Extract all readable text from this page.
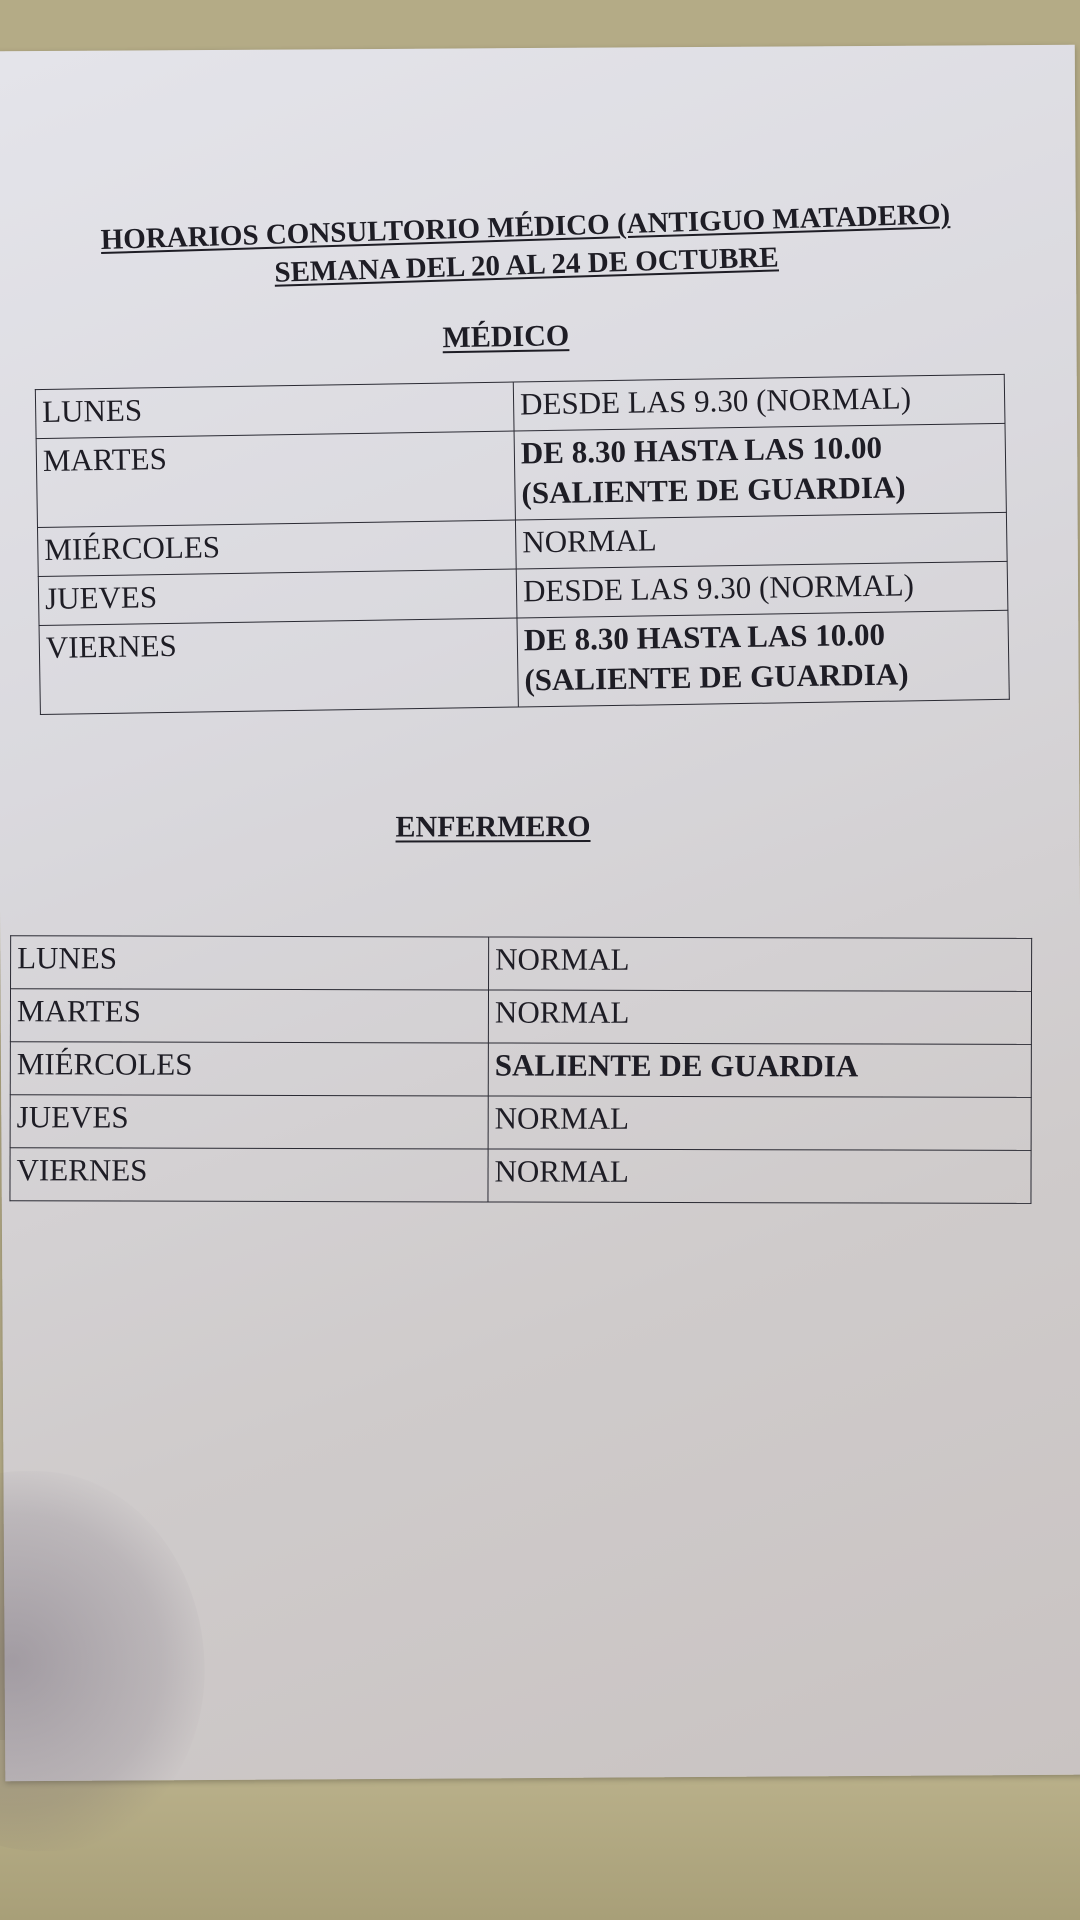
HORARIOS CONSULTORIO MÉDICO (ANTIGUO MATADERO) SEMANA DEL 20 AL 24 DE OCTUBRE
MÉDICO
LUNES	DESDE LAS 9.30 (NORMAL)
MARTES	DE 8.30 HASTA LAS 10.00 (SALIENTE DE GUARDIA)
MIÉRCOLES	NORMAL
JUEVES	DESDE LAS 9.30 (NORMAL)
VIERNES	DE 8.30 HASTA LAS 10.00 (SALIENTE DE GUARDIA)
ENFERMERO
LUNES	NORMAL
MARTES	NORMAL
MIÉRCOLES	SALIENTE DE GUARDIA
JUEVES	NORMAL
VIERNES	NORMAL
